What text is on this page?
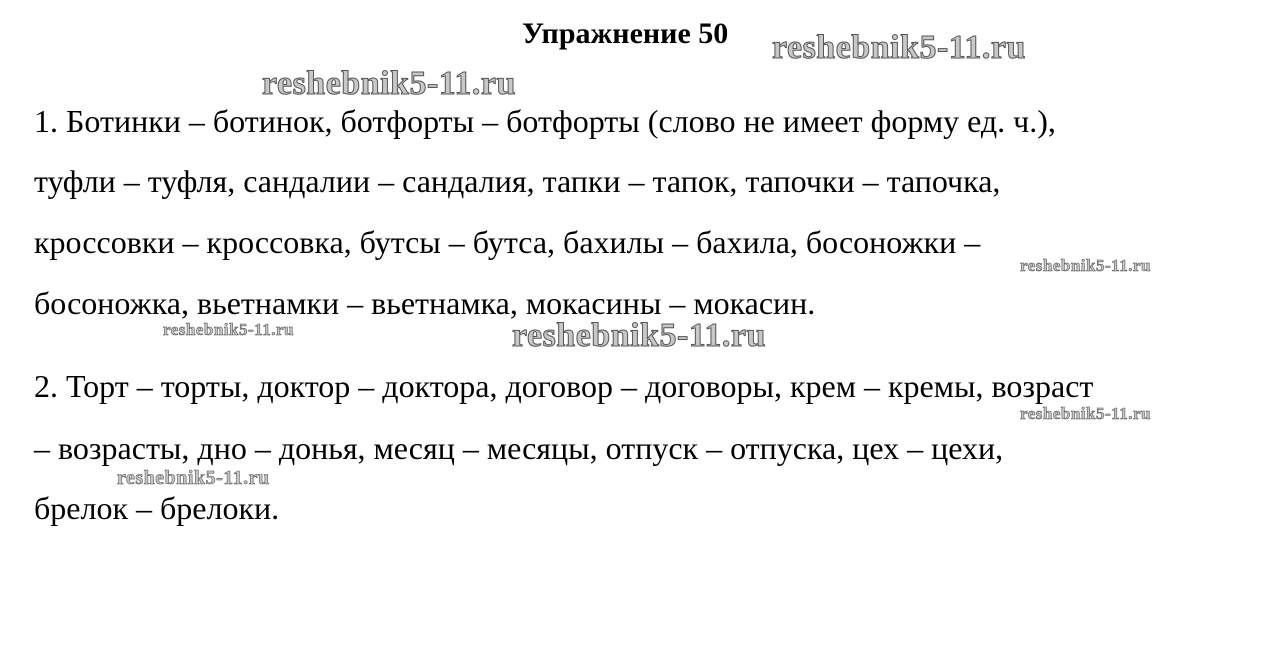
Упражнение 50
1. Ботинки – ботинок, ботфорты – ботфорты (слово не имеет форму ед. ч.),
туфли – туфля, сандалии – сандалия, тапки – тапок, тапочки – тапочка,
кроссовки – кроссовка, бутсы – бутса, бахилы – бахила, босоножки –
босоножка, вьетнамки – вьетнамка, мокасины – мокасин.
2. Торт – торты, доктор – доктора, договор – договоры, крем – кремы, возраст
– возрасты, дно – донья, месяц – месяцы, отпуск – отпуска, цех – цехи,
брелок – брелоки.
reshebnik5-11.ru
reshebnik5-11.ru
reshebnik5-11.ru
reshebnik5-11.ru	reshebnik5-11.ru
reshebnik5-11.ru
reshebnik5-11.ru
